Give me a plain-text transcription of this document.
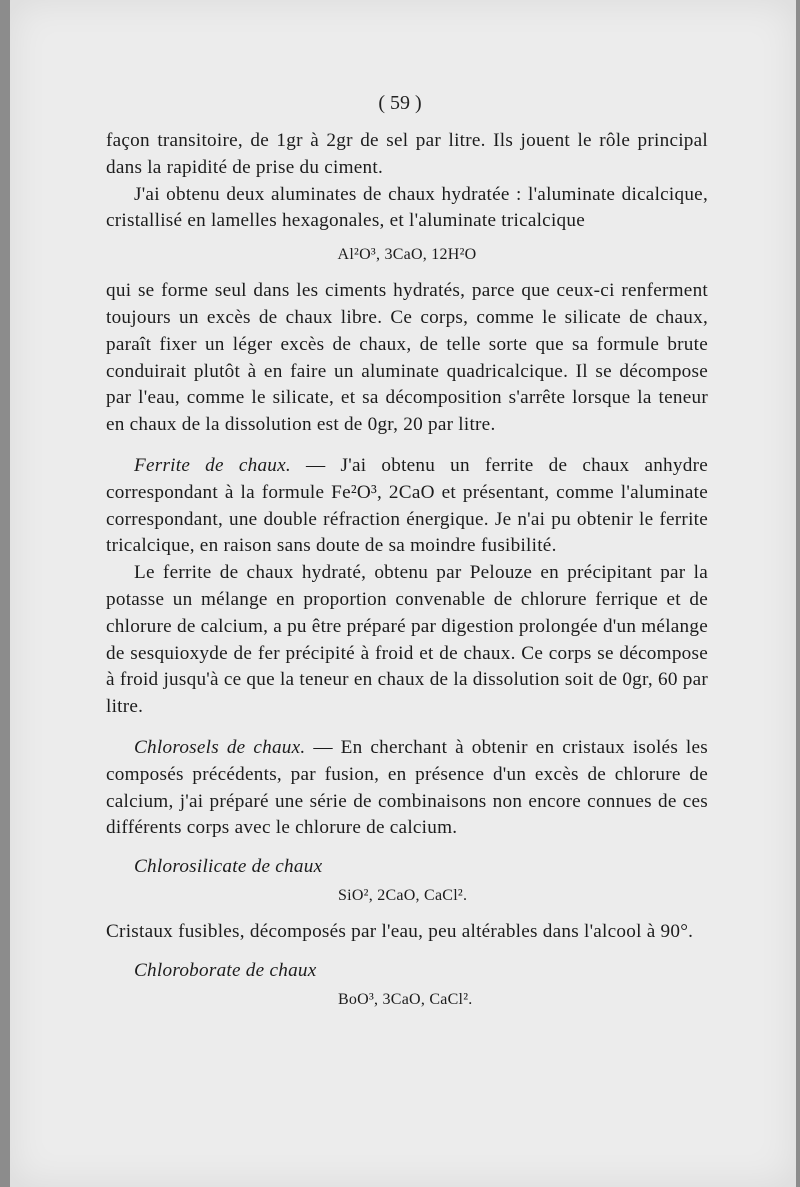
( 59 )

façon transitoire, de 1gr à 2gr de sel par litre. Ils jouent le rôle principal dans la rapidité de prise du ciment.

J'ai obtenu deux aluminates de chaux hydratée : l'aluminate dicalcique, cristallisé en lamelles hexagonales, et l'aluminate tricalcique

Al²O³, 3CaO, 12H²O

qui se forme seul dans les ciments hydratés, parce que ceux-ci renferment toujours un excès de chaux libre. Ce corps, comme le silicate de chaux, paraît fixer un léger excès de chaux, de telle sorte que sa formule brute conduirait plutôt à en faire un aluminate quadricalcique. Il se décompose par l'eau, comme le silicate, et sa décomposition s'arrête lorsque la teneur en chaux de la dissolution est de 0gr, 20 par litre.

Ferrite de chaux. — J'ai obtenu un ferrite de chaux anhydre correspondant à la formule Fe²O³, 2CaO et présentant, comme l'aluminate correspondant, une double réfraction énergique. Je n'ai pu obtenir le ferrite tricalcique, en raison sans doute de sa moindre fusibilité.

Le ferrite de chaux hydraté, obtenu par Pelouze en précipitant par la potasse un mélange en proportion convenable de chlorure ferrique et de chlorure de calcium, a pu être préparé par digestion prolongée d'un mélange de sesquioxyde de fer précipité à froid et de chaux. Ce corps se décompose à froid jusqu'à ce que la teneur en chaux de la dissolution soit de 0gr, 60 par litre.

Chlorosels de chaux. — En cherchant à obtenir en cristaux isolés les composés précédents, par fusion, en présence d'un excès de chlorure de calcium, j'ai préparé une série de combinaisons non encore connues de ces différents corps avec le chlorure de calcium.

Chlorosilicate de chaux
SiO², 2CaO, CaCl².

Cristaux fusibles, décomposés par l'eau, peu altérables dans l'alcool à 90°.

Chloroborate de chaux
BoO³, 3CaO, CaCl².
